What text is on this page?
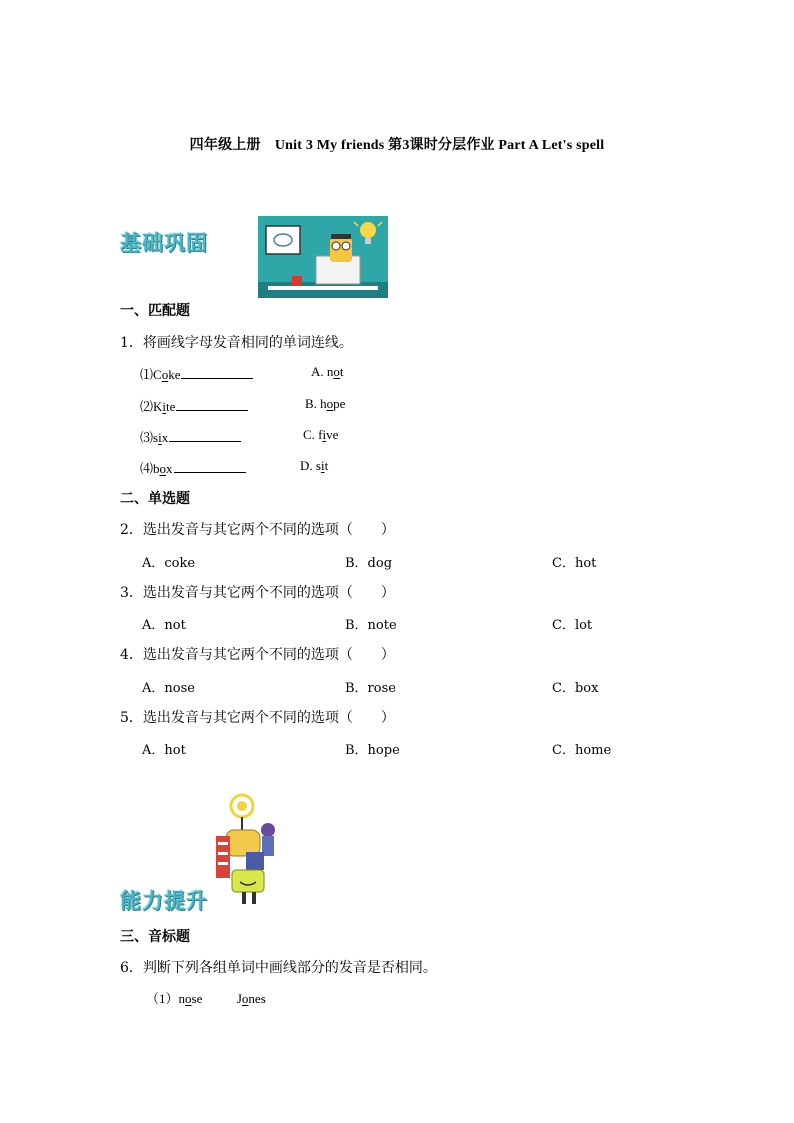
四年级上册　Unit 3 My friends 第3课时分层作业 Part A Let's spell
基础巩固
一、匹配题
1．将画线字母发音相同的单词连线。
⑴Coke	A. not
⑵Kite	B. hope
⑶six	C. five
⑷box	D. sit
二、单选题
2．选出发音与其它两个不同的选项（　　）
A．coke	B．dog	C．hot
3．选出发音与其它两个不同的选项（　　）
A．not	B．note	C．lot
4．选出发音与其它两个不同的选项（　　）
A．nose	B．rose	C．box
5．选出发音与其它两个不同的选项（　　）
A．hot	B．hope	C．home
能力提升
三、音标题
6．判断下列各组单词中画线部分的发音是否相同。
（1）nose	Jones
